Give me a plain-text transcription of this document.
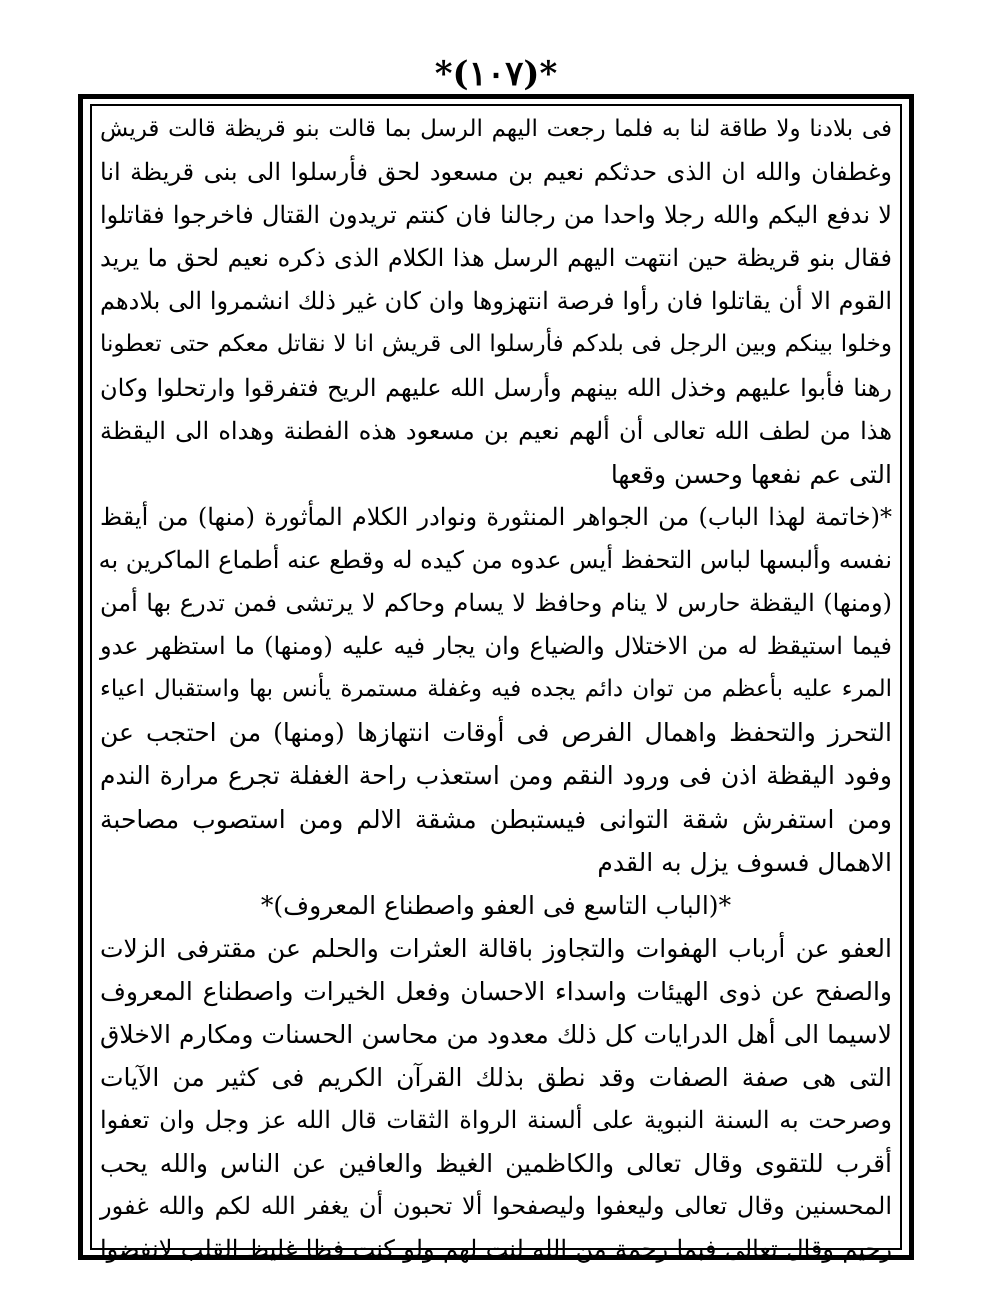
*(١٠٧)*
فى بلادنا ولا طاقة لنا به فلما رجعت اليهم الرسل بما قالت بنو قريظة قالت قريش
وغطفان والله ان الذى حدثكم نعيم بن مسعود لحق فأرسلوا الى بنى قريظة انا
لا ندفع اليكم والله رجلا واحدا من رجالنا فان كنتم تريدون القتال فاخرجوا فقاتلوا
فقال بنو قريظة حين انتهت اليهم الرسل هذا الكلام الذى ذكره نعيم لحق ما يريد
القوم الا أن يقاتلوا فان رأوا فرصة انتهزوها وان كان غير ذلك انشمروا الى بلادهم
وخلوا بينكم وبين الرجل فى بلدكم فأرسلوا الى قريش انا لا نقاتل معكم حتى تعطونا
رهنا فأبوا عليهم وخذل الله بينهم وأرسل الله عليهم الريح فتفرقوا وارتحلوا وكان
هذا من لطف الله تعالى أن ألهم نعيم بن مسعود هذه الفطنة وهداه الى اليقظة
التى عم نفعها وحسن وقعها
*(خاتمة لهذا الباب) من الجواهر المنثورة ونوادر الكلام المأثورة (منها) من أيقظ
نفسه وألبسها لباس التحفظ أيس عدوه من كيده له وقطع عنه أطماع الماكرين به
(ومنها) اليقظة حارس لا ينام وحافظ لا يسام وحاكم لا يرتشى فمن تدرع بها أمن
فيما استيقظ له من الاختلال والضياع وان يجار فيه عليه (ومنها) ما استظهر عدو
المرء عليه بأعظم من توان دائم يجده فيه وغفلة مستمرة يأنس بها واستقبال اعياء
التحرز والتحفظ واهمال الفرص فى أوقات انتهازها (ومنها) من احتجب عن
وفود اليقظة اذن فى ورود النقم ومن استعذب راحة الغفلة تجرع مرارة الندم
ومن استفرش شقة التوانى فيستبطن مشقة الالم ومن استصوب مصاحبة
الاهمال فسوف يزل به القدم
*(الباب التاسع فى العفو واصطناع المعروف)*
العفو عن أرباب الهفوات والتجاوز باقالة العثرات والحلم عن مقترفى الزلات
والصفح عن ذوى الهيئات واسداء الاحسان وفعل الخيرات واصطناع المعروف
لاسيما الى أهل الدرايات كل ذلك معدود من محاسن الحسنات ومكارم الاخلاق
التى هى صفة الصفات وقد نطق بذلك القرآن الكريم فى كثير من الآيات
وصرحت به السنة النبوية على ألسنة الرواة الثقات قال الله عز وجل وان تعفوا
أقرب للتقوى وقال تعالى والكاظمين الغيظ والعافين عن الناس والله يحب
المحسنين وقال تعالى وليعفوا وليصفحوا ألا تحبون أن يغفر الله لكم والله غفور
رحيم وقال تعالى فبما رحمة من الله لنت لهم ولو كنت فظا غليظ القلب لانفضوا
